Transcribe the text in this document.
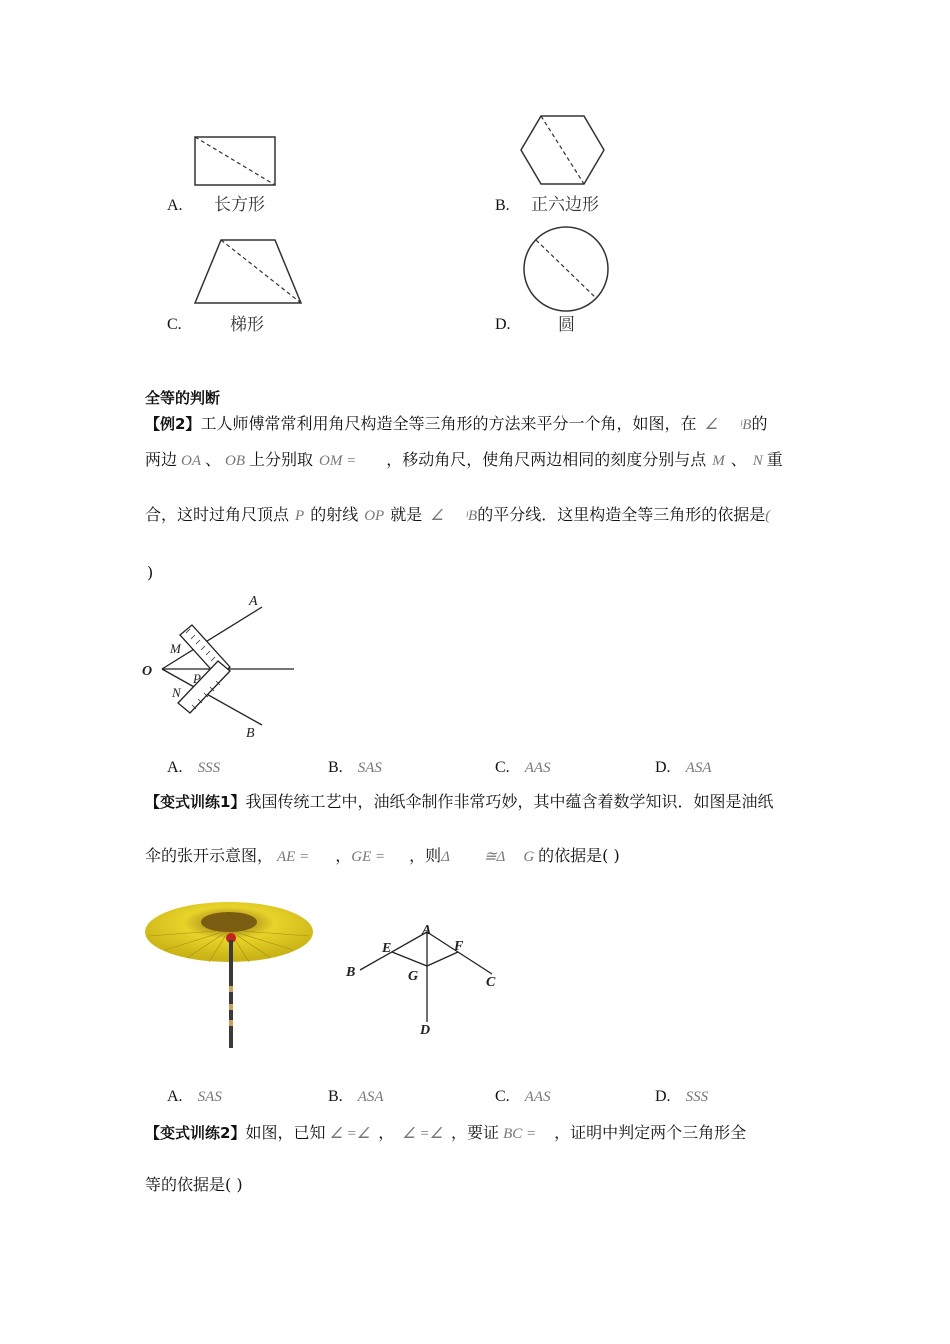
A. 长方形	B. 正六边形
C.	梯形	D.	圆
全等的判断
【例2】工人师傅常常利用角尺构造全等三角形的方法来平分一个角，如图，在 ∠ ᵎB的
两边 OA 、 OB 上分别取 OM = ，移动角尺，使角尺两边相同的刻度分别与点 M 、 N 重
合，这时过角尺顶点 P 的射线 OP 就是 ∠ ᵎB的平分线．这里构造全等三角形的依据是(
)
A
B
O
M
N
P
A. SSS	B. SAS	C. AAS	D. ASA
【变式训练1】我国传统工艺中，油纸伞制作非常巧妙，其中蕴含着数学知识．如图是油纸
伞的张开示意图， AE = ，GE = ，则Δ ≅Δ G 的依据是( )
A
B
C
D
E	F
G
A. SAS	B. ASA	C. AAS	D. SSS
【变式训练2】如图，已知 ∠ =∠ ， ∠ =∠ ，要证 BC = ，证明中判定两个三角形全
等的依据是( )
